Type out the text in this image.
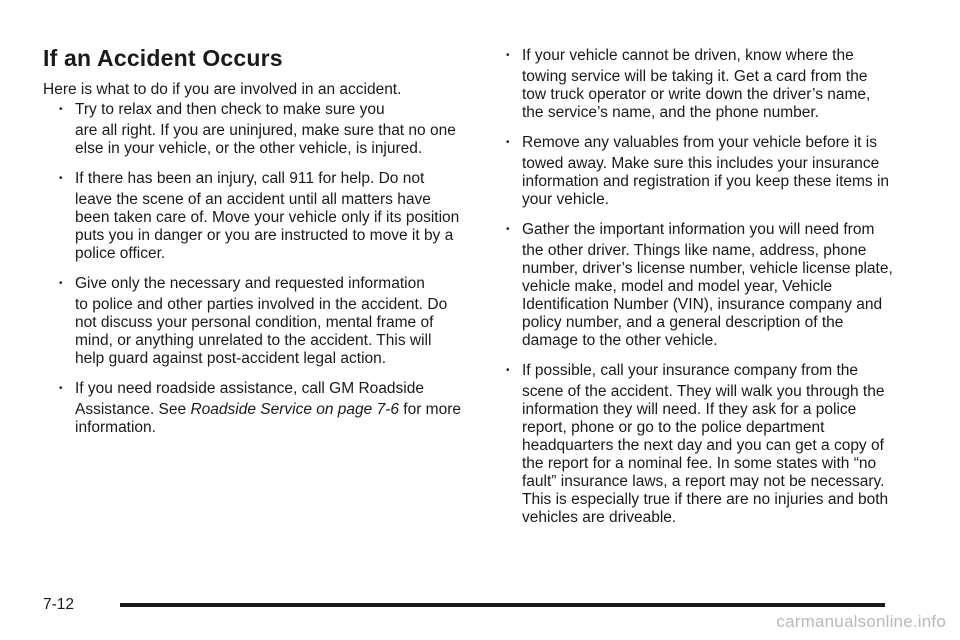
If an Accident Occurs

Here is what to do if you are involved in an accident.

• Try to relax and then check to make sure you
are all right. If you are uninjured, make sure that no one else in your vehicle, or the other vehicle, is injured.
• If there has been an injury, call 911 for help. Do not
leave the scene of an accident until all matters have been taken care of. Move your vehicle only if its position puts you in danger or you are instructed to move it by a police officer.
• Give only the necessary and requested information
to police and other parties involved in the accident. Do not discuss your personal condition, mental frame of mind, or anything unrelated to the accident. This will help guard against post-accident legal action.
• If you need roadside assistance, call GM Roadside
Assistance. See Roadside Service on page 7-6 for more information.
• If your vehicle cannot be driven, know where the
towing service will be taking it. Get a card from the tow truck operator or write down the driver’s name, the service’s name, and the phone number.
• Remove any valuables from your vehicle before it is
towed away. Make sure this includes your insurance information and registration if you keep these items in your vehicle.
• Gather the important information you will need from
the other driver. Things like name, address, phone number, driver’s license number, vehicle license plate, vehicle make, model and model year, Vehicle Identification Number (VIN), insurance company and policy number, and a general description of the damage to the other vehicle.
• If possible, call your insurance company from the
scene of the accident. They will walk you through the information they will need. If they ask for a police report, phone or go to the police department headquarters the next day and you can get a copy of the report for a nominal fee. In some states with “no fault” insurance laws, a report may not be necessary. This is especially true if there are no injuries and both vehicles are driveable.
7-12
carmanualsonline.info
